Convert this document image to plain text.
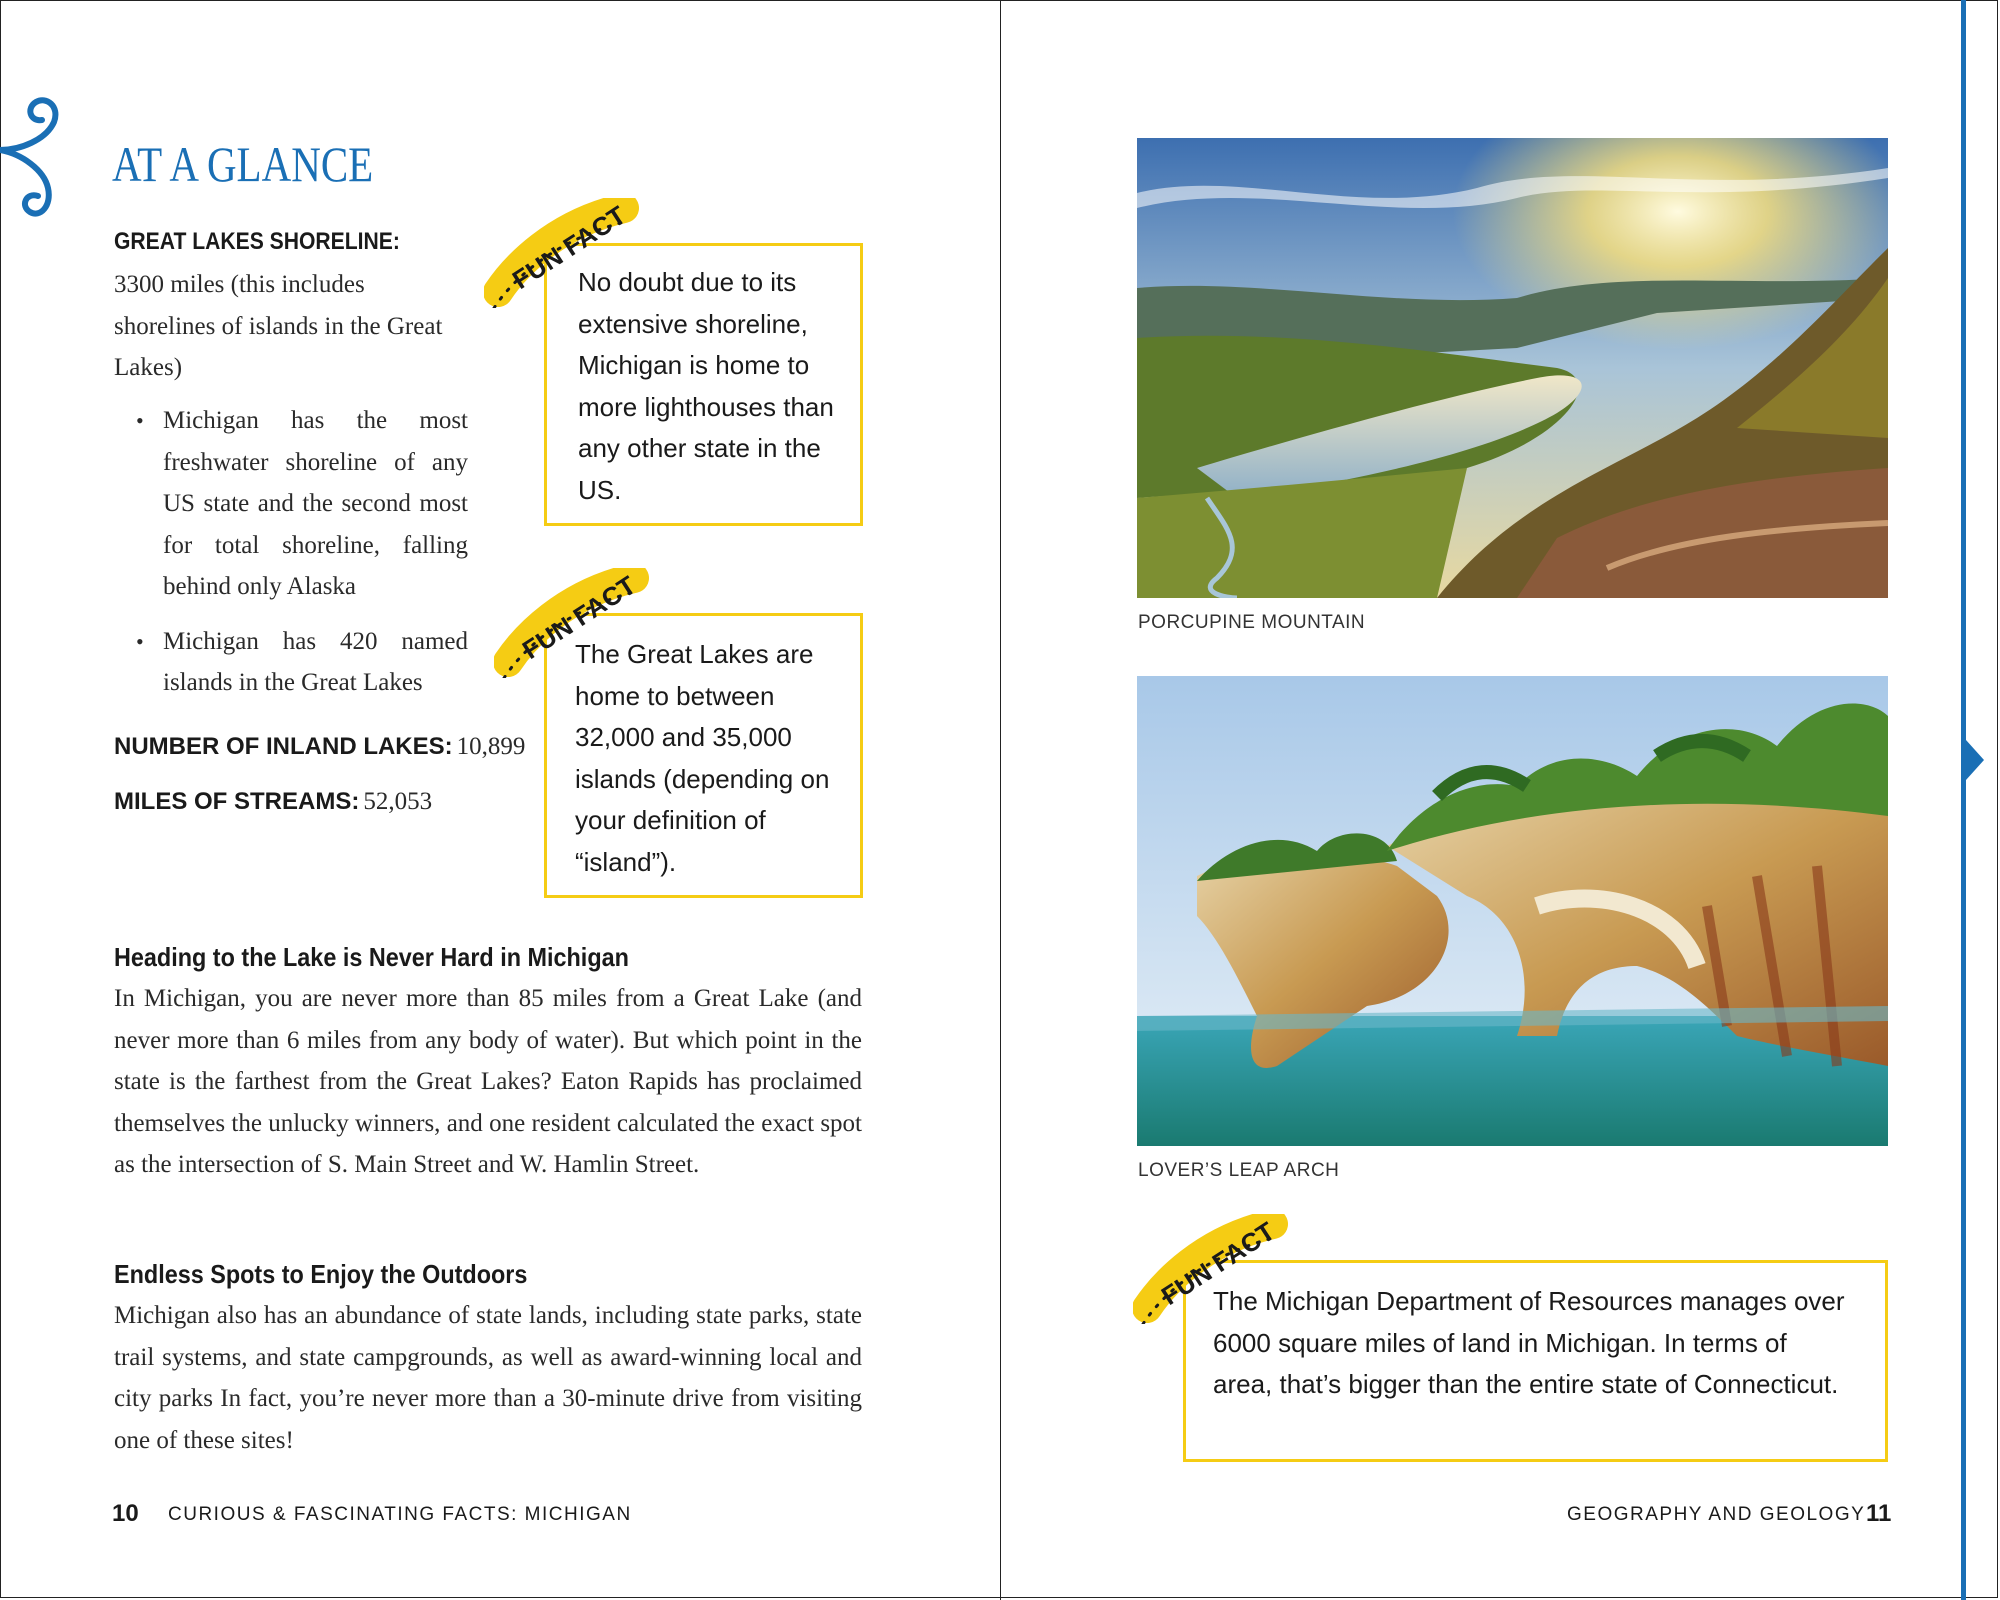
AT A GLANCE
GREAT LAKES SHORELINE:
3300 miles (this includes shorelines of islands in the Great Lakes)
• Michigan has the most freshwater shoreline of any US state and the second most for total shoreline, falling behind only Alaska
• Michigan has 420 named islands in the Great Lakes
NUMBER OF INLAND LAKES: 10,899
MILES OF STREAMS: 52,053
No doubt due to its extensive shoreline, Michigan is home to more lighthouses than any other state in the US.
FUN FACT
The Great Lakes are home to between 32,000 and 35,000 islands (depending on your definition of “island”).
FUN FACT
Heading to the Lake is Never Hard in Michigan
In Michigan, you are never more than 85 miles from a Great Lake (and never more than 6 miles from any body of water). But which point in the state is the farthest from the Great Lakes? Eaton Rapids has proclaimed themselves the unlucky winners, and one resident calculated the exact spot as the intersection of S. Main Street and W. Hamlin Street.
Endless Spots to Enjoy the Outdoors
Michigan also has an abundance of state lands, including state parks, state trail systems, and state campgrounds, as well as award-winning local and city parks In fact, you’re never more than a 30-minute drive from visiting one of these sites!
10 CURIOUS & FASCINATING FACTS: MICHIGAN
PORCUPINE MOUNTAIN
LOVER’S LEAP ARCH
The Michigan Department of Resources manages over 6000 square miles of land in Michigan. In terms of area, that’s bigger than the entire state of Connecticut.
FUN FACT
GEOGRAPHY AND GEOLOGY 11
